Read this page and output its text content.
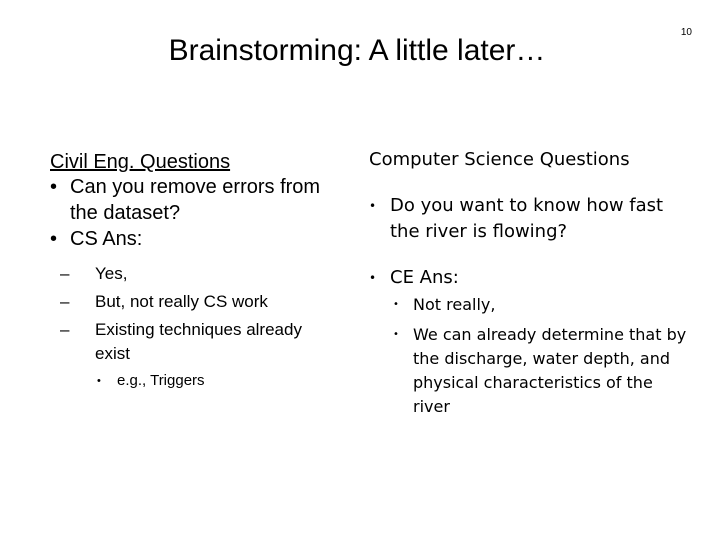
10
Brainstorming: A little later…
Civil Eng. Questions
• Can you remove errors from the dataset?
• CS Ans:
– Yes,
– But, not really CS work
– Existing techniques already exist
• e.g., Triggers
Computer Science Questions
• Do you want to know how fast the river is flowing?
• CE Ans:
• Not really,
• We can already determine that by the discharge, water depth, and physical characteristics of the river
